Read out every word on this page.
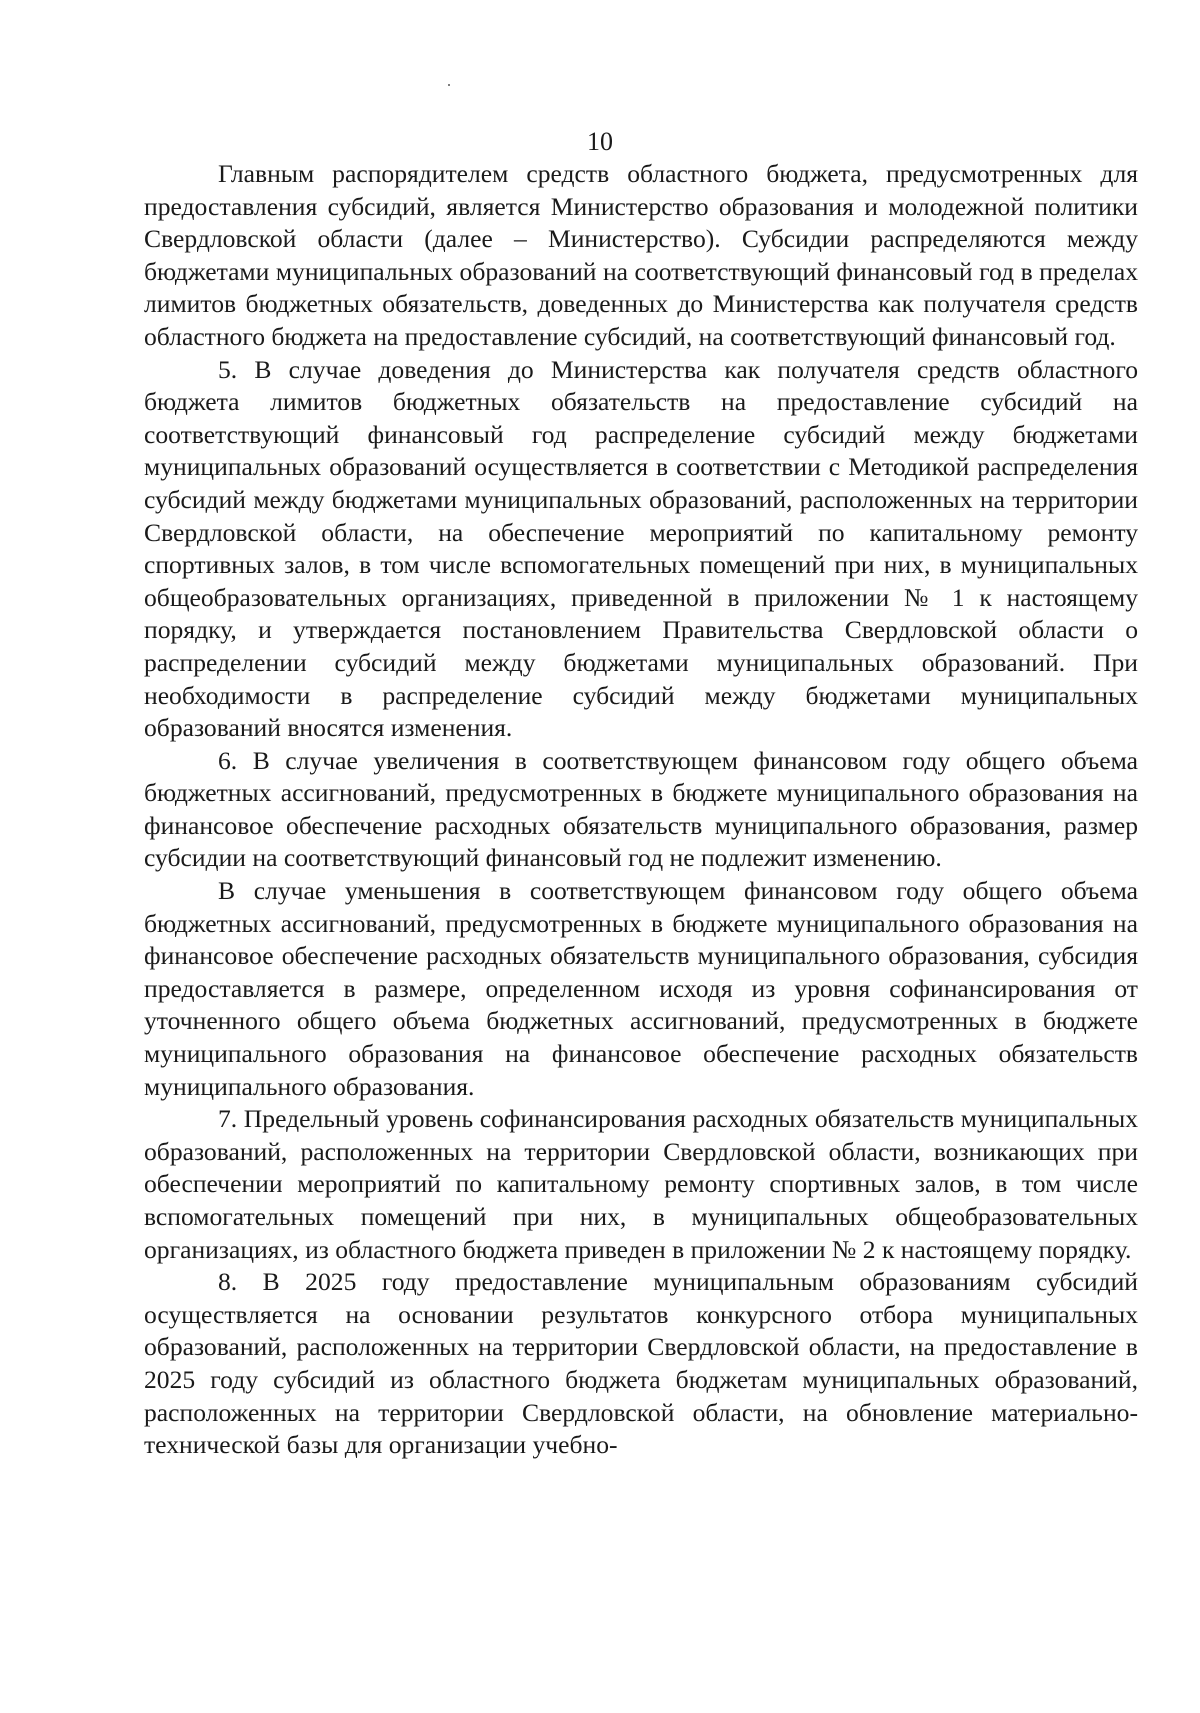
10

Главным распорядителем средств областного бюджета, предусмотренных для предоставления субсидий, является Министерство образования и молодежной политики Свердловской области (далее – Министерство). Субсидии распределяются между бюджетами муниципальных образований на соответствующий финансовый год в пределах лимитов бюджетных обязательств, доведенных до Министерства как получателя средств областного бюджета на предоставление субсидий, на соответствующий финансовый год.

5. В случае доведения до Министерства как получателя средств областного бюджета лимитов бюджетных обязательств на предоставление субсидий на соответствующий финансовый год распределение субсидий между бюджетами муниципальных образований осуществляется в соответствии с Методикой распределения субсидий между бюджетами муниципальных образований, расположенных на территории Свердловской области, на обеспечение мероприятий по капитальному ремонту спортивных залов, в том числе вспомогательных помещений при них, в муниципальных общеобразовательных организациях, приведенной в приложении № 1 к настоящему порядку, и утверждается постановлением Правительства Свердловской области о распределении субсидий между бюджетами муниципальных образований. При необходимости в распределение субсидий между бюджетами муниципальных образований вносятся изменения.

6. В случае увеличения в соответствующем финансовом году общего объема бюджетных ассигнований, предусмотренных в бюджете муниципального образования на финансовое обеспечение расходных обязательств муниципального образования, размер субсидии на соответствующий финансовый год не подлежит изменению.

В случае уменьшения в соответствующем финансовом году общего объема бюджетных ассигнований, предусмотренных в бюджете муниципального образования на финансовое обеспечение расходных обязательств муниципального образования, субсидия предоставляется в размере, определенном исходя из уровня софинансирования от уточненного общего объема бюджетных ассигнований, предусмотренных в бюджете муниципального образования на финансовое обеспечение расходных обязательств муниципального образования.

7. Предельный уровень софинансирования расходных обязательств муниципальных образований, расположенных на территории Свердловской области, возникающих при обеспечении мероприятий по капитальному ремонту спортивных залов, в том числе вспомогательных помещений при них, в муниципальных общеобразовательных организациях, из областного бюджета приведен в приложении № 2 к настоящему порядку.

8. В 2025 году предоставление муниципальным образованиям субсидий осуществляется на основании результатов конкурсного отбора муниципальных образований, расположенных на территории Свердловской области, на предоставление в 2025 году субсидий из областного бюджета бюджетам муниципальных образований, расположенных на территории Свердловской области, на обновление материально-технической базы для организации учебно-
